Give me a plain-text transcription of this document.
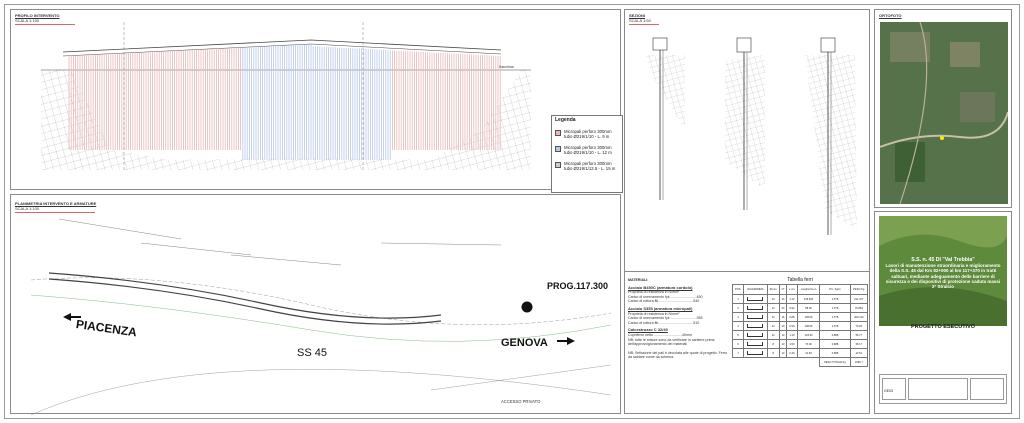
PROFILO INTERVENTO
SCALA 1:100
Banchina
Legenda
Micropali perforo 300mm tubo Ø219/1/10 - L. 9 m
Micropali perforo 300mm tubo Ø219/1/10 - L. 12 m
Micropali perforo 300mm tubo Ø219/1/12.5 - L. 15 m
SEZIONI
SCALA 1:50
ORTOFOTO
PLANIMETRIA INTERVENTO E ARMATURE
SCALA 1:100
PROG.117.300
PIACENZA
SS 45
GENOVA
ACCESSO PRIVATO
MATERIALI:
Acciaio B450C (armatura cordolo)
Proprietà di resistenza in N/mm²
Carico di snervamento fyk ..........................450
Carico di rottura ftk ..................................540
Acciaio S355 (armatura micropali)
Proprietà di resistenza in N/mm²
Carico di snervamento fyk ..........................355
Carico di rottura ftk ..................................510
Calcestruzzo C 32/40
Copriferro netto ............................40mm
NB: tutte le misure sono da verificare in cantiere prima
dell'approvvigionamento dei materiali
NB: l'infissione dei pali è vincolata alle quote di progetto. Ferro da saldare come da schema.
Tabella ferri
POS.	DIAGRAMMA	Ø mm	N°	L cm	Lunghezza m	P.U. Kg/m	PESO Kg
1		16	24	1.13	135.600	1.578	211.707
2		12	24	0.92	88.00	1.578	76.863
3		12	16	0.88	138.60	1.578	300.119
4		12	10	0.90	108.60	1.578	73.26
5		12	13	1.10	143.30	0.888	56.77
6		8	13	1.50	70.00	0.888	35.17
7		8	13	0.40	31.50	0.888	22.51
						PESO TOTALE Kg	1096.7
S.S. n. 45 DI "Val Trebbia"
Lavori di manutenzione straordinaria e miglioramento della S.S. 45 dal Km 82+000 al km 117+370 in tratti saltuari, mediante adeguamento delle barriere di sicurezza e dei dispositivi di protezione caduta massi 2° Stralcio
PROGETTO ESECUTIVO
GE03
